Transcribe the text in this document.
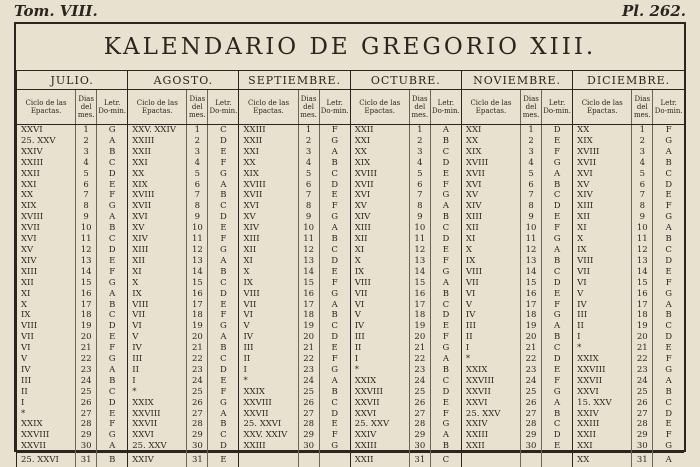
Tom. VIII.	Pl. 262.
KALENDARIO DE GREGORIO XIII.
JULIO.			AGOSTO.			SEPTIEMBRE.			OCTUBRE.			NOVIEMBRE.			DICIEMBRE.		
Ciclo de las Epactas.	Dias del mes.	Letr. Do-min.	Ciclo de las Epactas.	Dias del mes.	Letr. Do-min.	Ciclo de las Epactas.	Dias del mes.	Letr. Do-min.	Ciclo de las Epactas.	Dias del mes.	Letr. Do-min.	Ciclo de las Epactas.	Dias del mes.	Letr. Do-min.	Ciclo de las Epactas.	Dias del mes.	Letr. Do-min.
XXVI	1	G	XXV. XXIV	1	C	XXIII	1	F	XXII	1	A	XXI	1	D	XX	1	F
25. XXV	2	A	XXIII	2	D	XXII	2	G	XXI	2	B	XX	2	E	XIX	2	G
XXIV	3	B	XXII	3	E	XXI	3	A	XX	3	C	XIX	3	F	XVIII	3	A
XXIII	4	C	XXI	4	F	XX	4	B	XIX	4	D	XVIII	4	G	XVII	4	B
XXII	5	D	XX	5	G	XIX	5	C	XVIII	5	E	XVII	5	A	XVI	5	C
XXI	6	E	XIX	6	A	XVIII	6	D	XVII	6	F	XVI	6	B	XV	6	D
XX	7	F	XVIII	7	B	XVII	7	E	XVI	7	G	XV	7	C	XIV	7	E
XIX	8	G	XVII	8	C	XVI	8	F	XV	8	A	XIV	8	D	XIII	8	F
XVIII	9	A	XVI	9	D	XV	9	G	XIV	9	B	XIII	9	E	XII	9	G
XVII	10	B	XV	10	E	XIV	10	A	XIII	10	C	XII	10	F	XI	10	A
XVI	11	C	XIV	11	F	XIII	11	B	XII	11	D	XI	11	G	X	11	B
XV	12	D	XIII	12	G	XII	12	C	XI	12	E	X	12	A	IX	12	C
XIV	13	E	XII	13	A	XI	13	D	X	13	F	IX	13	B	VIII	13	D
XIII	14	F	XI	14	B	X	14	E	IX	14	G	VIII	14	C	VII	14	E
XII	15	G	X	15	C	IX	15	F	VIII	15	A	VII	15	D	VI	15	F
XI	16	A	IX	16	D	VIII	16	G	VII	16	B	VI	16	E	V	16	G
X	17	B	VIII	17	E	VII	17	A	VI	17	C	V	17	F	IV	17	A
IX	18	C	VII	18	F	VI	18	B	V	18	D	IV	18	G	III	18	B
VIII	19	D	VI	19	G	V	19	C	IV	19	E	III	19	A	II	19	C
VII	20	E	V	20	A	IV	20	D	III	20	F	II	20	B	I	20	D
VI	21	F	IV	21	B	III	21	E	II	21	G	I	21	C	*	21	E
V	22	G	III	22	C	II	22	F	I	22	A	*	22	D	XXIX	22	F
IV	23	A	II	23	D	I	23	G	*	23	B	XXIX	23	E	XXVIII	23	G
III	24	B	I	24	E	*	24	A	XXIX	24	C	XXVIII	24	F	XXVII	24	A
II	25	C	*	25	F	XXIX	25	B	XXVIII	25	D	XXVII	25	G	XXVI	25	B
I	26	D	XXIX	26	G	XXVIII	26	C	XXVII	26	E	XXVI	26	A	15. XXV	26	C
*	27	E	XXVIII	27	A	XXVII	27	D	XXVI	27	F	25. XXV	27	B	XXIV	27	D
XXIX	28	F	XXVII	28	B	25. XXVI	28	E	25. XXV	28	G	XXIV	28	C	XXIII	28	E
XXVIII	29	G	XXVI	29	C	XXV. XXIV	29	F	XXIV	29	A	XXIII	29	D	XXII	29	F
XXVII	30	A	25. XXV	30	D	XXIII	30	G	XXIII	30	B	XXII	30	E	XXI	30	G
25. XXVI	31	B	XXIV	31	E				XXII	31	C				XX	31	A
